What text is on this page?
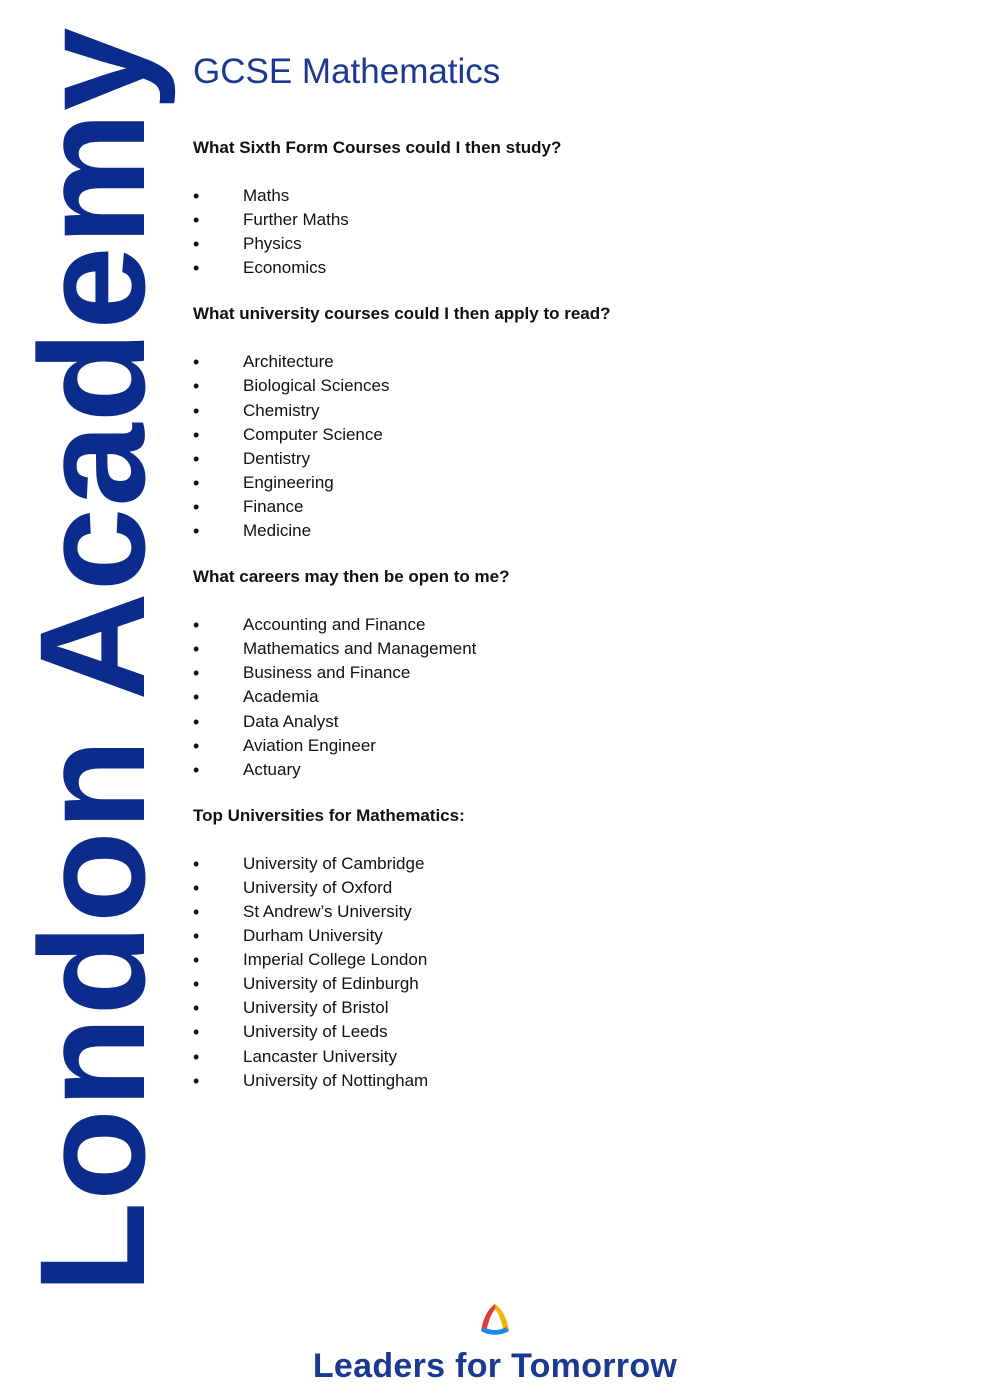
London Academy GCSE Mathematics
What Sixth Form Courses could I then study?
• Maths
• Further Maths
• Physics
• Economics
What university courses could I then apply to read?
• Architecture
• Biological Sciences
• Chemistry
• Computer Science
• Dentistry
• Engineering
• Finance
• Medicine
What careers may then be open to me?
• Accounting and Finance
• Mathematics and Management
• Business and Finance
• Academia
• Data Analyst
• Aviation Engineer
• Actuary
Top Universities for Mathematics:
• University of Cambridge
• University of Oxford
• St Andrew’s University
• Durham University
• Imperial College London
• University of Edinburgh
• University of Bristol
• University of Leeds
• Lancaster University
• University of Nottingham
Leaders for Tomorrow
